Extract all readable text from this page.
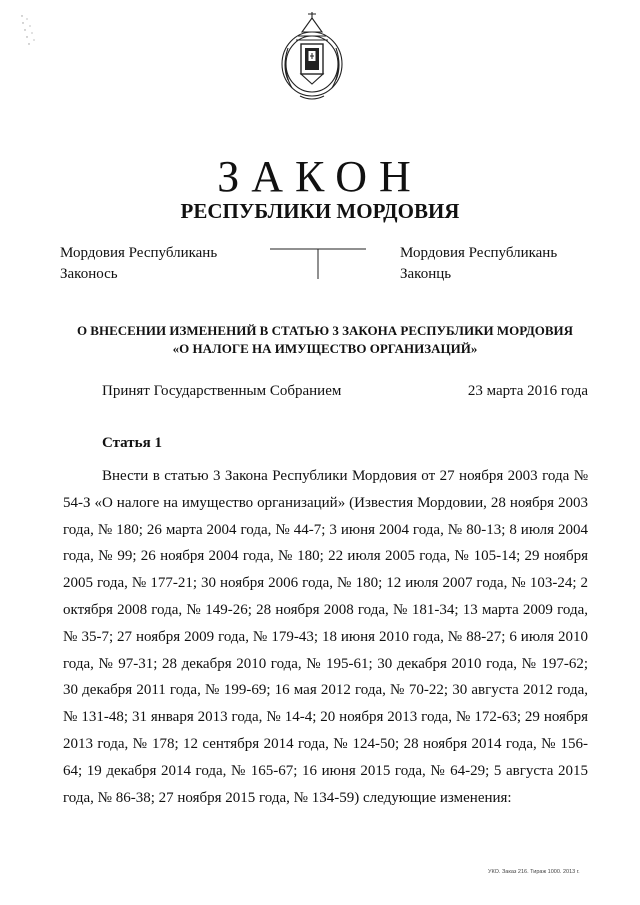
ЗАКОН
РЕСПУБЛИКИ МОРДОВИЯ
Мордовия Республикань
Законось
Мордовия Республикань
Законць
О ВНЕСЕНИИ ИЗМЕНЕНИЙ В СТАТЬЮ 3 ЗАКОНА РЕСПУБЛИКИ МОРДОВИЯ
«О НАЛОГЕ НА ИМУЩЕСТВО ОРГАНИЗАЦИЙ»
Принят Государственным Собранием	23 марта 2016 года
Статья 1

Внести в статью 3 Закона Республики Мордовия от 27 ноября 2003 года № 54-З «О налоге на имущество организаций» (Известия Мордовии, 28 ноября 2003 года, № 180; 26 марта 2004 года, № 44-7; 3 июня 2004 года, № 80-13; 8 июля 2004 года, № 99; 26 ноября 2004 года, № 180; 22 июля 2005 года, № 105-14; 29 ноября 2005 года, № 177-21; 30 ноября 2006 года, № 180; 12 июля 2007 года, № 103-24; 2 октября 2008 года, № 149-26; 28 ноября 2008 года, № 181-34; 13 марта 2009 года, № 35-7; 27 ноября 2009 года, № 179-43; 18 июня 2010 года, № 88-27; 6 июля 2010 года, № 97-31; 28 декабря 2010 года, № 195-61; 30 декабря 2010 года, № 197-62; 30 декабря 2011 года, № 199-69; 16 мая 2012 года, № 70-22; 30 августа 2012 года, № 131-48; 31 января 2013 года, № 14-4; 20 ноября 2013 года, № 172-63; 29 ноября 2013 года, № 178; 12 сентября 2014 года, № 124-50; 28 ноября 2014 года, № 156-64; 19 декабря 2014 года, № 165-67; 16 июня 2015 года, № 64-29; 5 августа 2015 года, № 86-38; 27 ноября 2015 года, № 134-59) следующие изменения:

УКО. Заказ 216. Тираж 1000. 2013 г.
